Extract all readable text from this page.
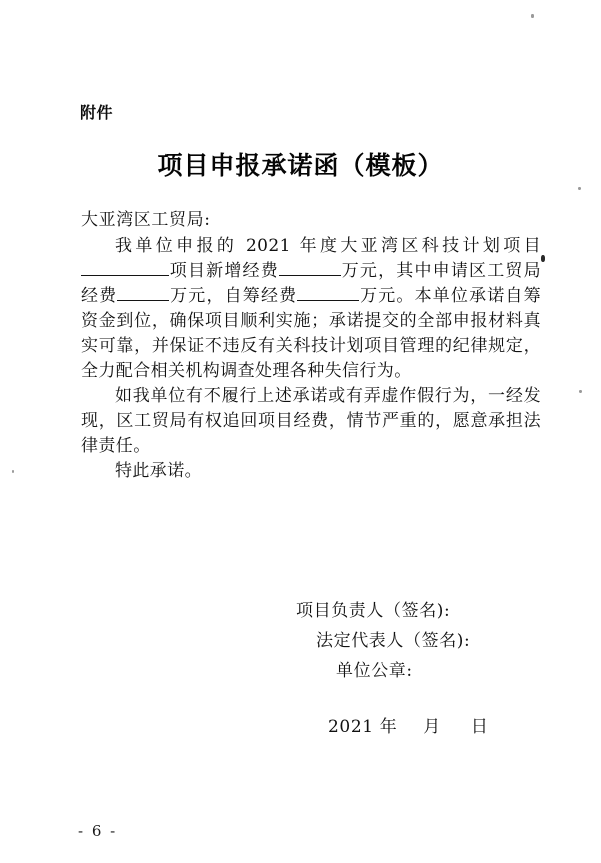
附件
项目申报承诺函（模板）
大亚湾区工贸局:

我单位申报的 2021 年度大亚湾区科技计划项目项目新增经费	万元，其中申请区工贸局经费	万元，自筹经费	万元。本单位承诺自筹资金到位，确保项目顺利实施；承诺提交的全部申报材料真实可靠，并保证不违反有关科技计划项目管理的纪律规定，全力配合相关机构调查处理各种失信行为。

如我单位有不履行上述承诺或有弄虚作假行为，一经发现，区工贸局有权追回项目经费，情节严重的，愿意承担法律责任。

特此承诺。

项目负责人（签名):
法定代表人（签名):
单位公章:
2021 年 月 日
- 6 -
